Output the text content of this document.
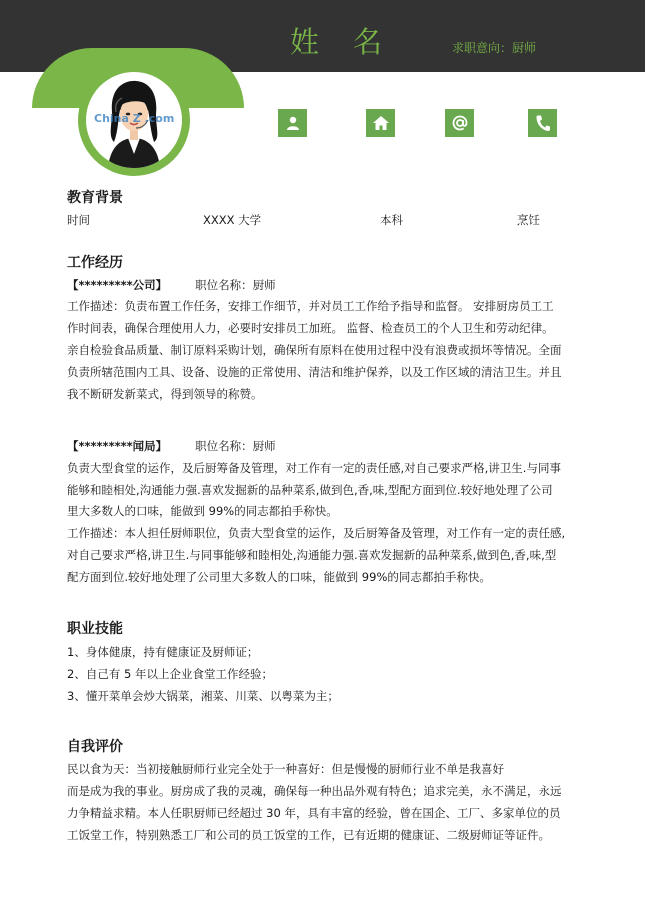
姓名	求职意向：厨师
China Z .com
教育背景
时间	XXXX 大学	本科	烹饪
工作经历
【*********公司】 职位名称：厨师
工作描述：负责布置工作任务，安排工作细节，并对员工工作给予指导和监督。 安排厨房员工工
作时间表，确保合理使用人力，必要时安排员工加班。 监督、检查员工的个人卫生和劳动纪律。
亲自检验食品质量、制订原料采购计划，确保所有原料在使用过程中没有浪费或损坏等情况。全面
负责所辖范围内工具、设备、设施的正常使用、清洁和维护保养，以及工作区域的清洁卫生。并且
我不断研发新菜式，得到领导的称赞。
【*********闻局】 职位名称：厨师
负责大型食堂的运作，及后厨筹备及管理，对工作有一定的责任感,对自己要求严格,讲卫生.与同事
能够和睦相处,沟通能力强.喜欢发掘新的品种菜系,做到色,香,味,型配方面到位.较好地处理了公司
里大多数人的口味，能做到 99%的同志都拍手称快。
工作描述：本人担任厨师职位，负责大型食堂的运作，及后厨筹备及管理，对工作有一定的责任感,
对自己要求严格,讲卫生.与同事能够和睦相处,沟通能力强.喜欢发掘新的品种菜系,做到色,香,味,型
配方面到位.较好地处理了公司里大多数人的口味，能做到 99%的同志都拍手称快。
职业技能
1、身体健康，持有健康证及厨师证；
2、自己有 5 年以上企业食堂工作经验；
3、懂开菜单会炒大锅菜，湘菜、川菜、以粤菜为主；
自我评价
民以食为天：当初接触厨师行业完全处于一种喜好：但是慢慢的厨师行业不单是我喜好
而是成为我的事业。厨房成了我的灵魂，确保每一种出品外观有特色；追求完美，永不满足，永远
力争精益求精。本人任职厨师已经超过 30 年，具有丰富的经验，曾在国企、工厂、多家单位的员
工饭堂工作，特别熟悉工厂和公司的员工饭堂的工作，已有近期的健康证、二级厨师证等证件。
